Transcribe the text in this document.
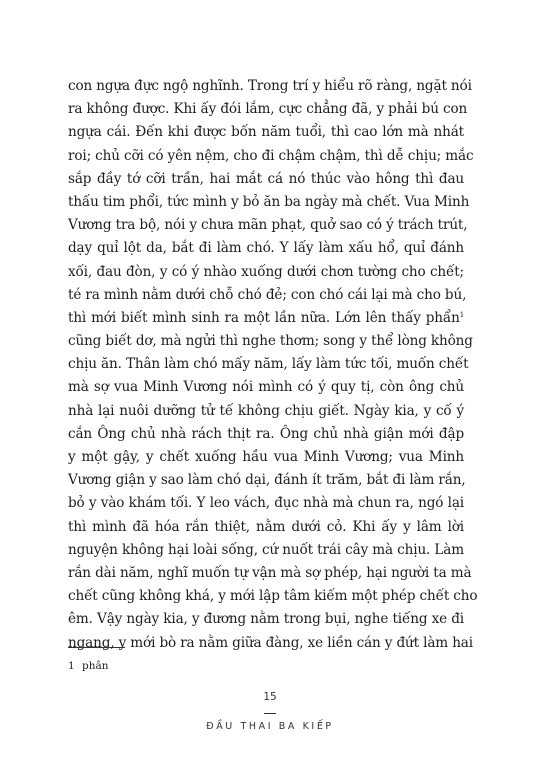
con ngựa đực ngộ nghĩnh. Trong trí y hiểu rõ ràng, ngặt nói
ra không được. Khi ấy đói lắm, cực chẳng đã, y phải bú con
ngựa cái. Đến khi được bốn năm tuổi, thì cao lớn mà nhát
roi; chủ cỡi có yên nệm, cho đi chậm chậm, thì dễ chịu; mắc
sắp đầy tớ cỡi trần, hai mắt cá nó thúc vào hông thì đau
thấu tim phổi, tức mình y bỏ ăn ba ngày mà chết. Vua Minh
Vương tra bộ, nói y chưa mãn phạt, quở sao có ý trách trút,
dạy quỉ lột da, bắt đi làm chó. Y lấy làm xấu hổ, quỉ đánh
xối, đau đòn, y có ý nhào xuống dưới chơn tường cho chết;
té ra mình nằm dưới chỗ chó đẻ; con chó cái lại mà cho bú,
thì mới biết mình sinh ra một lần nữa. Lớn lên thấy phẩn$^1$
cũng biết dơ, mà ngửi thì nghe thơm; song y thể lòng không
chịu ăn. Thân làm chó mấy năm, lấy làm tức tối, muốn chết
mà sợ vua Minh Vương nói mình có ý quy tị, còn ông chủ
nhà lại nuôi dưỡng tử tế không chịu giết. Ngày kia, y cố ý
cắn Ông chủ nhà rách thịt ra. Ông chủ nhà giận mới đập
y một gậy, y chết xuống hầu vua Minh Vương; vua Minh
Vương giận y sao làm chó dại, đánh ít trăm, bắt đi làm rắn,
bỏ y vào khám tối. Y leo vách, đục nhà mà chun ra, ngó lại
thì mình đã hóa rắn thiệt, nằm dưới cỏ. Khi ấy y lâm lời
nguyện không hại loài sống, cứ nuốt trái cây mà chịu. Làm
rắn dài năm, nghĩ muốn tự vận mà sợ phép, hại người ta mà
chết cũng không khá, y mới lập tâm kiếm một phép chết cho
êm. Vậy ngày kia, y đương nằm trong bụi, nghe tiếng xe đi
ngang, y mới bò ra nằm giữa đàng, xe liền cán y đứt làm hai
1 phân
15
ĐẦU THAI BA KIẾP
